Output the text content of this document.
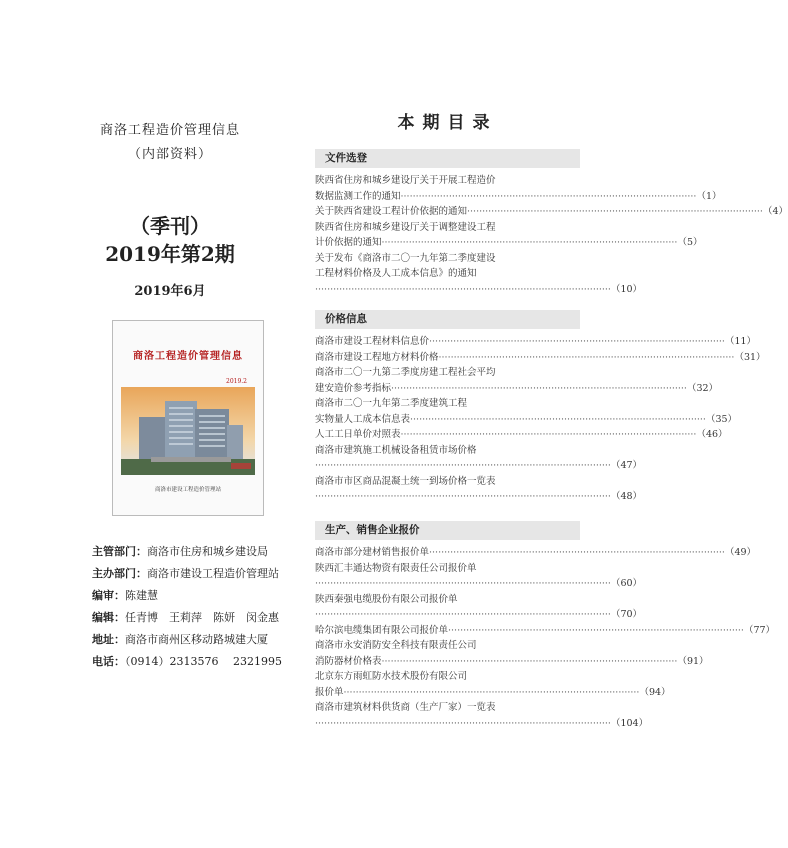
商洛工程造价管理信息
（内部资料）
（季刊）
2019年第2期
2019年6月
商洛工程造价管理信息
2019.2
商洛市建设工程造价管理站
主管部门：商洛市住房和城乡建设局
主办部门：商洛市建设工程造价管理站
编审：陈建慧
编辑：任青博　王莉萍　陈妍　闵金惠
地址：商洛市商州区移动路城建大厦
电话：（0914）2313576　 2321995
本期目录
文件选登
陕西省住房和城乡建设厅关于开展工程造价
数据监测工作的通知 ·································································································· （1）
关于陕西省建设工程计价依据的通知 ·································································································· （4）
陕西省住房和城乡建设厅关于调整建设工程
计价依据的通知 ·································································································· （5）
关于发布《商洛市二〇一九年第二季度建设
工程材料价格及人工成本信息》的通知
·································································································· （10）
价格信息
商洛市建设工程材料信息价 ·································································································· （11）
商洛市建设工程地方材料价格 ·································································································· （31）
商洛市二〇一九第二季度房建工程社会平均
建安造价参考指标 ·································································································· （32）
商洛市二〇一九年第二季度建筑工程
实物量人工成本信息表 ·································································································· （35）
人工工日单价对照表 ·································································································· （46）
商洛市建筑施工机械设备租赁市场价格
·································································································· （47）
商洛市市区商品混凝土统一到场价格一览表
·································································································· （48）
生产、销售企业报价
商洛市部分建材销售报价单 ·································································································· （49）
陕西汇丰通达物资有限责任公司报价单
·································································································· （60）
陕西秦强电缆股份有限公司报价单
·································································································· （70）
哈尔滨电缆集团有限公司报价单 ·································································································· （77）
商洛市永安消防安全科技有限责任公司
消防器材价格表 ·································································································· （91）
北京东方雨虹防水技术股份有限公司
报价单 ·································································································· （94）
商洛市建筑材料供货商（生产厂家）一览表
·································································································· （104）
